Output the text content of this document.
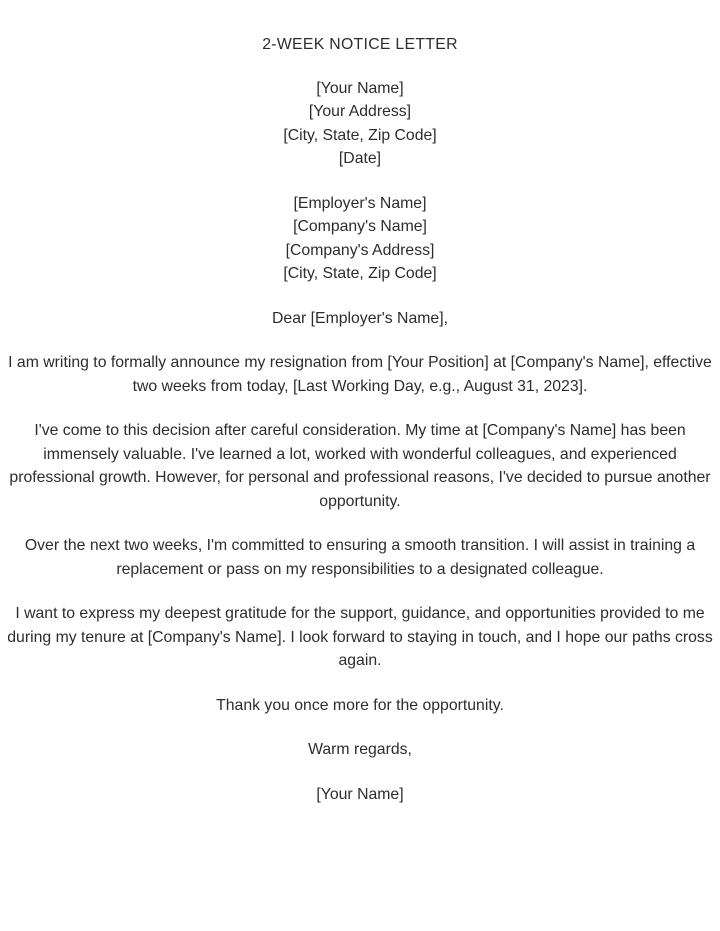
2-WEEK NOTICE LETTER
[Your Name]
[Your Address]
[City, State, Zip Code]
[Date]
[Employer's Name]
[Company's Name]
[Company's Address]
[City, State, Zip Code]

Dear [Employer's Name],

I am writing to formally announce my resignation from [Your Position] at [Company's Name], effective two weeks from today, [Last Working Day, e.g., August 31, 2023].

I've come to this decision after careful consideration. My time at [Company's Name] has been immensely valuable. I've learned a lot, worked with wonderful colleagues, and experienced professional growth. However, for personal and professional reasons, I've decided to pursue another opportunity.

Over the next two weeks, I'm committed to ensuring a smooth transition. I will assist in training a replacement or pass on my responsibilities to a designated colleague.

I want to express my deepest gratitude for the support, guidance, and opportunities provided to me during my tenure at [Company's Name]. I look forward to staying in touch, and I hope our paths cross again.

Thank you once more for the opportunity.

Warm regards,

[Your Name]
